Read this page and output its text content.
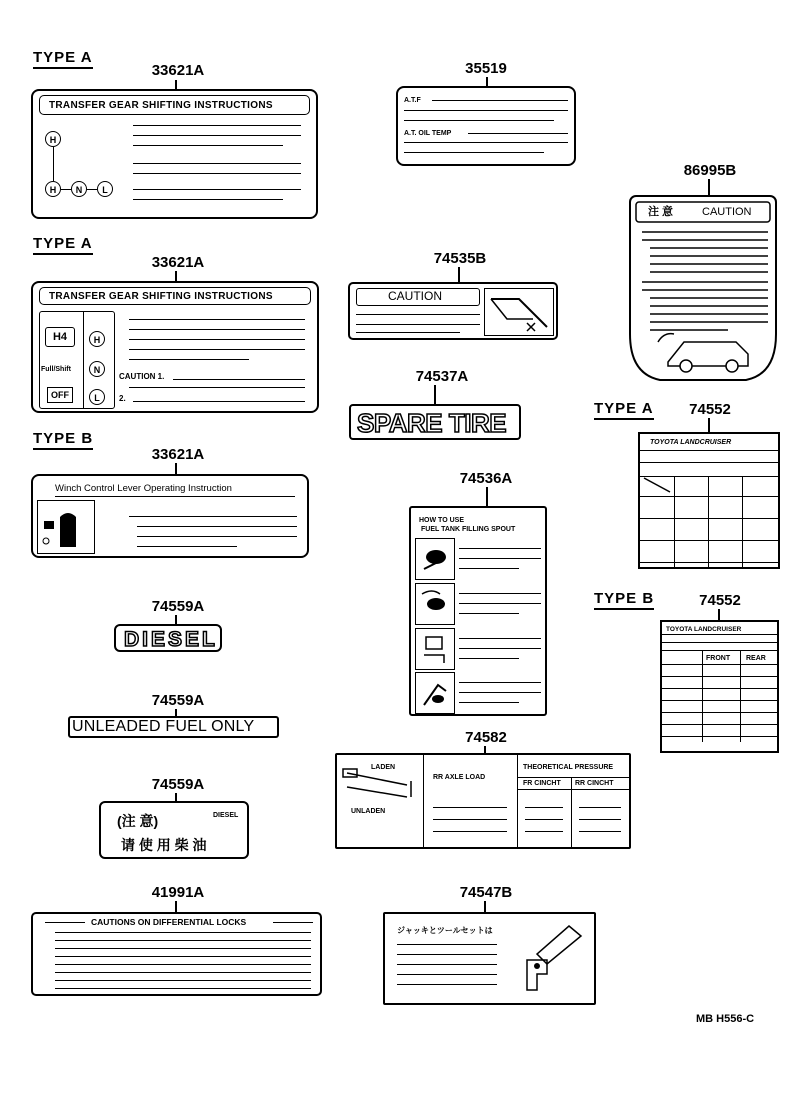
TYPE A
TYPE A
TYPE B
TYPE A
TYPE B
33621A
TRANSFER GEAR SHIFTING INSTRUCTIONS
H
H	N	L
33621A
TRANSFER GEAR SHIFTING INSTRUCTIONS
H4
Full/Shift
OFF
H
N
L
CAUTION 1.
2.
33621A
Winch Control Lever Operating Instruction
74559A
DIESEL
74559A
UNLEADED FUEL ONLY
74559A
(注 意)	DIESEL
请 使 用 柴 油
41991A
CAUTIONS ON DIFFERENTIAL LOCKS
35519
A.T.F
A.T. OIL TEMP
86995B
注 意	CAUTION
74535B
CAUTION
74537A
SPARE TIRE
74536A
HOW TO USE
FUEL TANK FILLING SPOUT
74552
TOYOTA LANDCRUISER
74552
TOYOTA LANDCRUISER
FRONT REAR
74582
LADEN
UNLADEN
RR AXLE LOAD
THEORETICAL PRESSURE
FR CINCHT RR CINCHT
74547B
ジャッキとツールセットは
MB H556-C
